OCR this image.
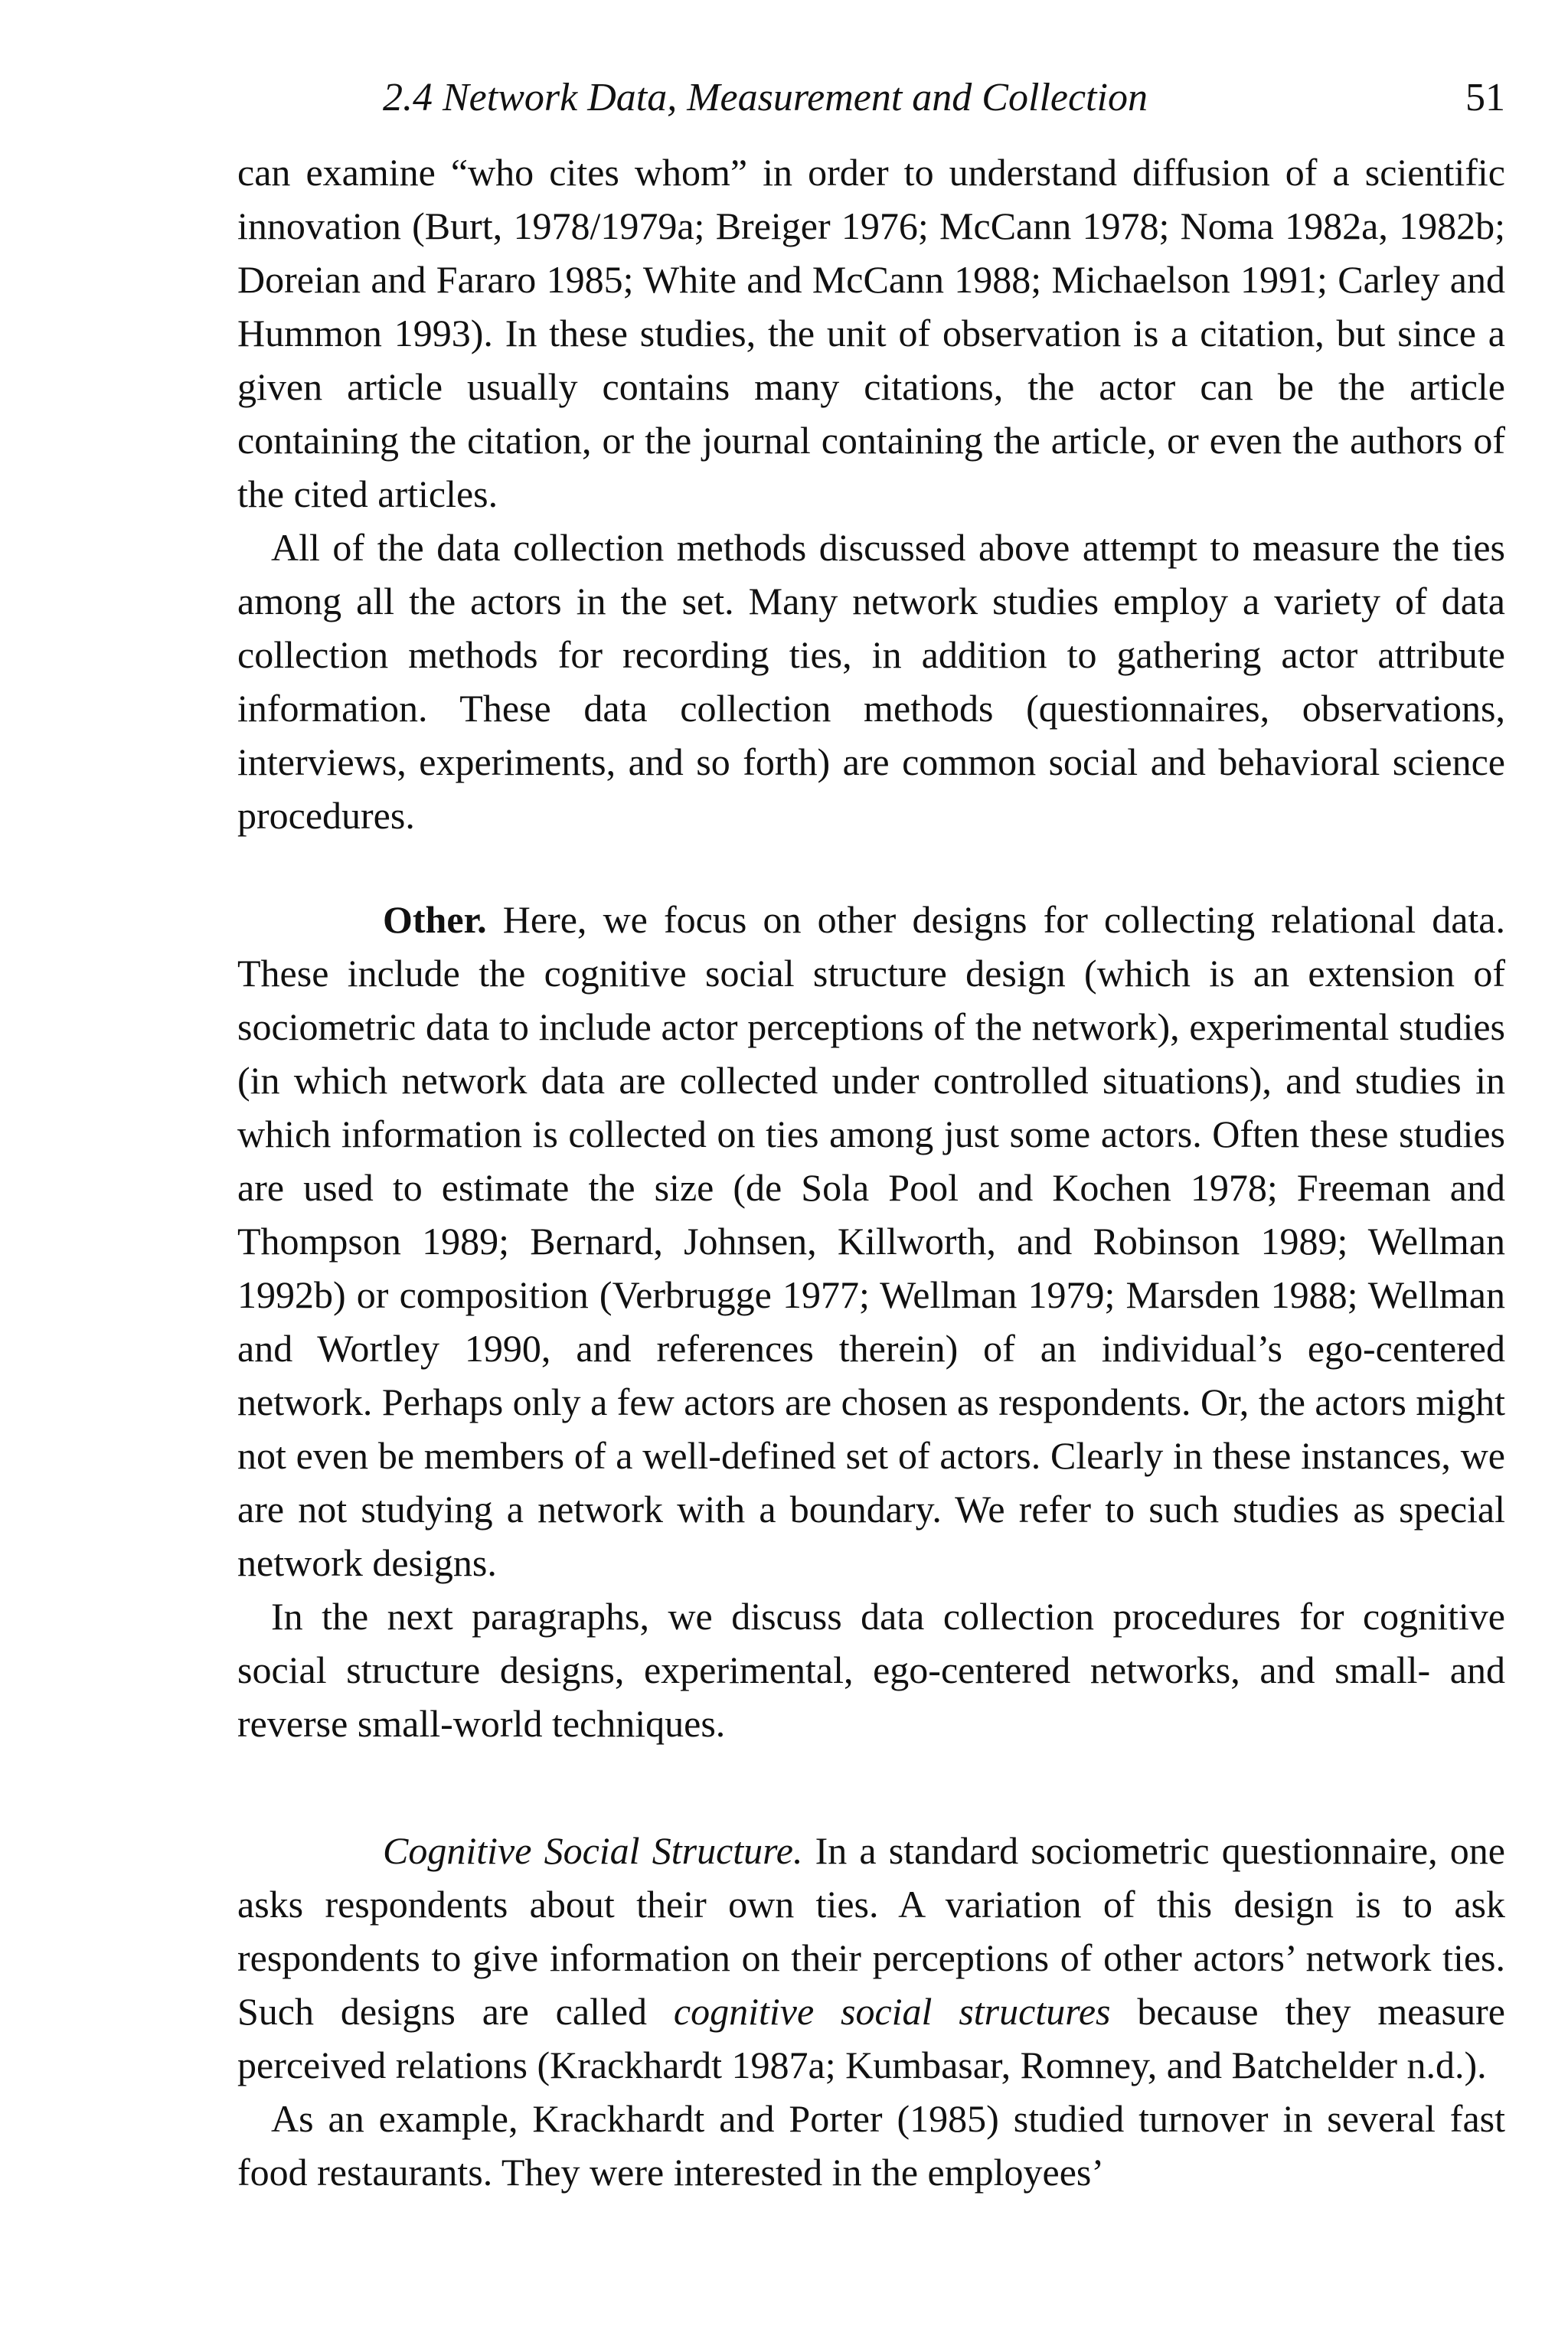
2.4 Network Data, Measurement and Collection	51

can examine “who cites whom” in order to understand diffusion of a scientific innovation (Burt, 1978/1979a; Breiger 1976; McCann 1978; Noma 1982a, 1982b; Doreian and Fararo 1985; White and McCann 1988; Michaelson 1991; Carley and Hummon 1993). In these studies, the unit of observation is a citation, but since a given article usually contains many citations, the actor can be the article containing the citation, or the journal containing the article, or even the authors of the cited articles.

All of the data collection methods discussed above attempt to measure the ties among all the actors in the set. Many network studies employ a variety of data collection methods for recording ties, in addition to gathering actor attribute information. These data collection methods (questionnaires, observations, interviews, experiments, and so forth) are common social and behavioral science procedures.

Other. Here, we focus on other designs for collecting relational data. These include the cognitive social structure design (which is an extension of sociometric data to include actor perceptions of the network), experimental studies (in which network data are collected under controlled situations), and studies in which information is collected on ties among just some actors. Often these studies are used to estimate the size (de Sola Pool and Kochen 1978; Freeman and Thompson 1989; Bernard, Johnsen, Killworth, and Robinson 1989; Wellman 1992b) or composition (Verbrugge 1977; Wellman 1979; Marsden 1988; Wellman and Wortley 1990, and references therein) of an individual’s ego-centered network. Perhaps only a few actors are chosen as respondents. Or, the actors might not even be members of a well-defined set of actors. Clearly in these instances, we are not studying a network with a boundary. We refer to such studies as special network designs.

In the next paragraphs, we discuss data collection procedures for cognitive social structure designs, experimental, ego-centered networks, and small- and reverse small-world techniques.

Cognitive Social Structure. In a standard sociometric questionnaire, one asks respondents about their own ties. A variation of this design is to ask respondents to give information on their perceptions of other actors’ network ties. Such designs are called cognitive social structures because they measure perceived relations (Krackhardt 1987a; Kumbasar, Romney, and Batchelder n.d.).

As an example, Krackhardt and Porter (1985) studied turnover in several fast food restaurants. They were interested in the employees’
